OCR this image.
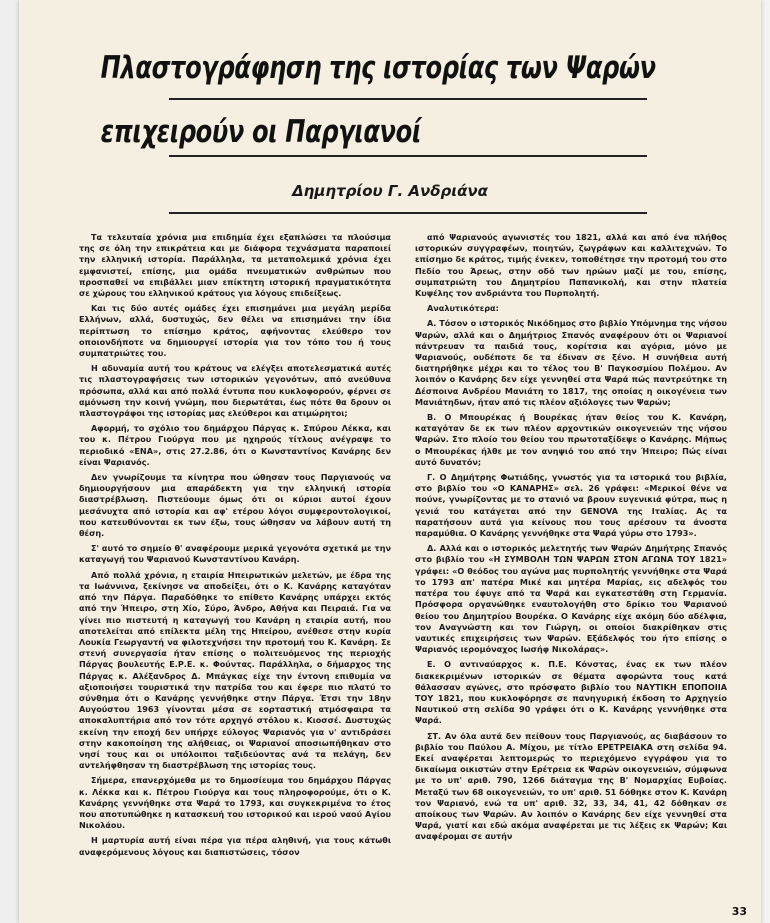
Πλαστογράφηση της ιστορίας των Ψαρών
επιχειρούν οι Παργιανοί
Δημητρίου Γ. Ανδριάνα

Τα τελευταία χρόνια μια επιδημία έχει εξαπλώσει τα πλούσιμα της σε όλη την επικράτεια και με διάφορα τεχνάσματα παραποιεί την ελληνική ιστορία. Παράλληλα, τα μεταπολεμικά χρόνια έχει εμφανιστεί, επίσης, μια ομάδα πνευματικών ανθρώπων που προσπαθεί να επιβάλλει μιαν επίκτητη ιστορική πραγματικότητα σε χώρους του ελληνικού κράτους για λόγους επιδείξεως.

Και τις δύο αυτές ομάδες έχει επισημάνει μια μεγάλη μερίδα Ελλήνων, αλλά, δυστυχώς, δεν θέλει να επισημάνει την ίδια περίπτωση το επίσημο κράτος, αφήνοντας ελεύθερο τον οποιονδήποτε να δημιουργεί ιστορία για τον τόπο του ή τους συμπατριώτες του.

Η αδυναμία αυτή του κράτους να ελέγξει αποτελεσματικά αυτές τις πλαστογραφήσεις των ιστορικών γεγονότων, από ανεύθυνα πρόσωπα, αλλά και από πολλά έντυπα που κυκλοφορούν, φέρνει σε αμόνωση την κοινή γνώμη, που διερωτάται, έως πότε θα δρουν οι πλαστογράφοι της ιστορίας μας ελεύθεροι και ατιμώρητοι;

Αφορμή, το σχόλιο του δημάρχου Πάργας κ. Σπύρου Λέκκα, και του κ. Πέτρου Γιούργα που με ηχηρούς τίτλους ανέγραψε το περιοδικό «ΕΝΑ», στις 27.2.86, ότι ο Κωνσταντίνος Κανάρης δεν είναι Ψαριανός.

Δεν γνωρίζουμε τα κίνητρα που ώθησαν τους Παργιανούς να δημιουργήσουν μια απαράδεκτη για την ελληνική ιστορία διαστρέβλωση. Πιστεύουμε όμως ότι οι κύριοι αυτοί έχουν μεσάνυχτα από ιστορία και αφ' ετέρου λόγοι συμφεροντολογικοί, που κατευθύνονται εκ των έξω, τους ώθησαν να λάβουν αυτή τη θέση.

Σ' αυτό το σημείο θ' αναφέρουμε μερικά γεγονότα σχετικά με την καταγωγή του Ψαριανού Κωνσταντίνου Κανάρη.

Από πολλά χρόνια, η εταιρία Ηπειρωτικών μελετών, με έδρα της τα Ιωάννινα, ξεκίνησε να αποδείξει, ότι ο Κ. Κανάρης καταγόταν από την Πάργα. Παραδόθηκε το επίθετο Κανάρης υπάρχει εκτός από την Ήπειρο, στη Χίο, Σύρο, Άνδρο, Αθήνα και Πειραιά. Για να γίνει πιο πιστευτή η καταγωγή του Κανάρη η εταιρία αυτή, που αποτελείται από επίλεκτα μέλη της Ηπείρου, ανέθεσε στην κυρία Λουκία Γεωργαντή να φιλοτεχνήσει την προτομή του Κ. Κανάρη. Σε στενή συνεργασία ήταν επίσης ο πολιτευόμενος της περιοχής Πάργας βουλευτής Ε.Ρ.Ε. κ. Φούντας. Παράλληλα, ο δήμαρχος της Πάργας κ. Αλέξανδρος Δ. Μπάγκας είχε την έντονη επιθυμία να αξιοποιήσει τουριστικά την πατρίδα του και έφερε πιο πλατύ το σύνθημα ότι ο Κανάρης γεννήθηκε στην Πάργα. Έτσι την 18ην Αυγούστου 1963 γίνονται μέσα σε εορταστική ατμόσφαιρα τα αποκαλυπτήρια από τον τότε αρχηγό στόλου κ. Κιοσσέ. Δυστυχώς εκείνη την εποχή δεν υπήρχε εύλογος Ψαριανός για ν' αντιδράσει στην κακοποίηση της αλήθειας, οι Ψαριανοί αποσιωπήθηκαν στο νησί τους και οι υπόλοιποι ταξιδεύοντας ανά τα πελάγη, δεν αντελήφθησαν τη διαστρέβλωση της ιστορίας τους.

Σήμερα, επανερχόμεθα με το δημοσίευμα του δημάρχου Πάργας κ. Λέκκα και κ. Πέτρου Γιούργα και τους πληροφορούμε, ότι ο Κ. Κανάρης γεννήθηκε στα Ψαρά το 1793, και συγκεκριμένα το έτος που αποτυπώθηκε η κατασκευή του ιστορικού και ιερού ναού Αγίου Νικολάου.

Η μαρτυρία αυτή είναι πέρα για πέρα αληθινή, για τους κάτωθι αναφερόμενους λόγους και διαπιστώσεις, τόσον

από Ψαριανούς αγωνιστές του 1821, αλλά και από ένα πλήθος ιστορικών συγγραφέων, ποιητών, ζωγράφων και καλλιτεχνών. Το επίσημο δε κράτος, τιμής ένεκεν, τοποθέτησε την προτομή του στο Πεδίο του Άρεως, στην οδό των ηρώων μαζί με του, επίσης, συμπατριώτη του Δημητρίου Παπανικολή, και στην πλατεία Κυψέλης τον ανδριάντα του Πυρπολητή.

Αναλυτικότερα:

Α. Τόσον ο ιστορικός Νικόδημος στο βιβλίο Υπόμνημα της νήσου Ψαρών, αλλά και ο Δημήτριος Σπανός αναφέρουν ότι οι Ψαριανοί πάντρευαν τα παιδιά τους, κορίτσια και αγόρια, μόνο με Ψαριανούς, ουδέποτε δε τα έδιναν σε ξένο. Η συνήθεια αυτή διατηρήθηκε μέχρι και το τέλος του Β' Παγκοσμίου Πολέμου. Αν λοιπόν ο Κανάρης δεν είχε γεννηθεί στα Ψαρά πώς παντρεύτηκε τη Δέσποινα Ανδρέου Μανιάτη το 1817, της οποίας η οικογένεια των Μανιάτηδων, ήταν από τις πλέον αξιόλογες των Ψαρών;

Β. Ο Μπουρέκας ή Βουρέκας ήταν θείος του Κ. Κανάρη, καταγόταν δε εκ των πλέον αρχοντικών οικογενειών της νήσου Ψαρών. Στο πλοίο του θείου του πρωτοταξίδεψε ο Κανάρης. Μήπως ο Μπουρέκας ήλθε με τον ανηψιό του από την Ήπειρο; Πώς είναι αυτό δυνατόν;

Γ. Ο Δημήτρης Φωτιάδης, γνωστός για τα ιστορικά του βιβλία, στο βιβλίο του «Ο ΚΑΝΑΡΗΣ» σελ. 26 γράφει: «Μερικοί θένε να πούνε, γνωρίζοντας με το στανιό να βρουν ευγενικιά φύτρα, πως η γενιά του κατάγεται από την GENOVA της Ιταλίας. Ας τα παρατήσουν αυτά για κείνους που τους αρέσουν τα άνοστα παραμύθια. Ο Κανάρης γεννήθηκε στα Ψαρά γύρω στο 1793».

Δ. Αλλά και ο ιστορικός μελετητής των Ψαρών Δημήτρης Σπανός στο βιβλίο του «Η ΣΥΜΒΟΛΗ ΤΩΝ ΨΑΡΩΝ ΣΤΟΝ ΑΓΩΝΑ ΤΟΥ 1821» γράφει: «Ο θεόδος του αγώνα μας πυρπολητής γεννήθηκε στα Ψαρά το 1793 απ' πατέρα Μικέ και μητέρα Μαρίας, εις αδελφός του πατέρα του έφυγε από τα Ψαρά και εγκατεστάθη στη Γερμανία. Πρόσφορα οργανώθηκε εναυτολογήθη στο δρίκιο του Ψαριανού θείου του Δημητρίου Βουρέκα. Ο Κανάρης είχε ακόμη δύο αδέλφια, τον Αναγνώστη και τον Γιώργη, οι οποίοι διακρίθηκαν στις ναυτικές επιχειρήσεις των Ψαρών. Εξάδελφός του ήτο επίσης ο Ψαριανός ιερομόναχος Ιωσήφ Νικολάρας».

Ε. Ο αντιναύαρχος κ. Π.Ε. Κόνστας, ένας εκ των πλέον διακεκριμένων ιστορικών σε θέματα αφορώντα τους κατά θάλασσαν αγώνες, στο πρόσφατο βιβλίο του ΝΑΥΤΙΚΗ ΕΠΟΠΟΙΙΑ ΤΟΥ 1821, που κυκλοφόρησε σε πανηγυρική έκδοση το Αρχηγείο Ναυτικού στη σελίδα 90 γράφει ότι ο Κ. Κανάρης γεννήθηκε στα Ψαρά.

ΣΤ. Αν όλα αυτά δεν πείθουν τους Παργιανούς, ας διαβάσουν το βιβλίο του Παύλου Α. Μίχου, με τίτλο ΕΡΕΤΡΕΙΑΚΑ στη σελίδα 94. Εκεί αναφέρεται λεπτομερώς το περιεχόμενο εγγράφου για το δικαίωμα οικιστών στην Ερέτρεια εκ Ψαρών οικογενειών, σύμφωνα με το υπ' αριθ. 790, 1266 διάταγμα της Β' Νομαρχίας Ευβοίας. Μεταξύ των 68 οικογενειών, το υπ' αριθ. 51 δόθηκε στον Κ. Κανάρη τον Ψαριανό, ενώ τα υπ' αριθ. 32, 33, 34, 41, 42 δόθηκαν σε αποίκους των Ψαρών. Αν λοιπόν ο Κανάρης δεν είχε γεννηθεί στα Ψαρά, γιατί και εδώ ακόμα αναφέρεται με τις λέξεις εκ Ψαρών; Και αναφέρομαι σε αυτήν

33
